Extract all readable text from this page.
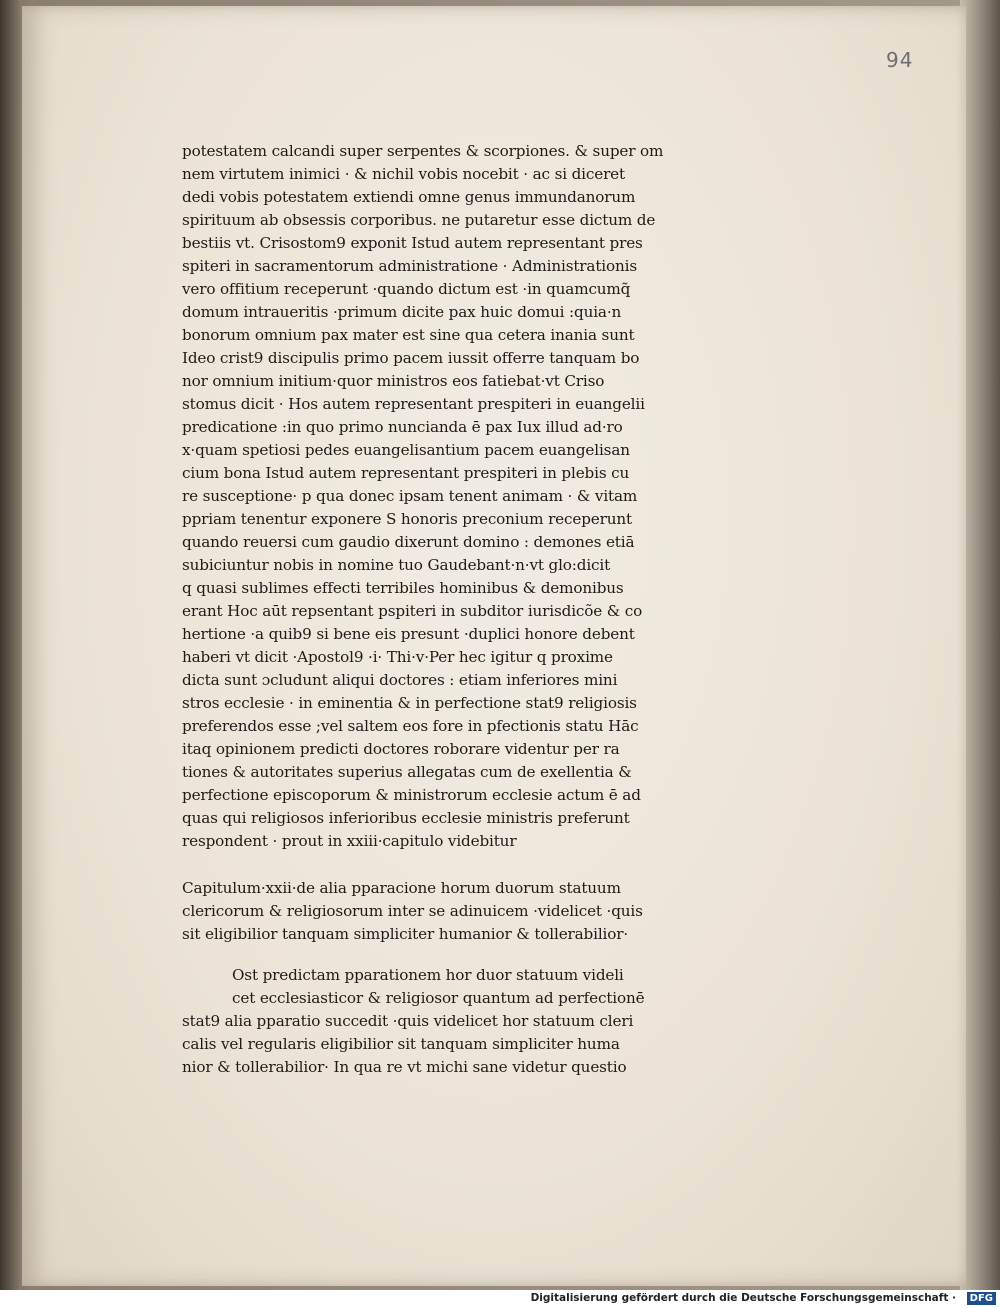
94
potestatem calcandi super serpentes & scorpiones. & super om
nem virtutem inimici · & nichil vobis nocebit · ac si diceret
dedi vobis potestatem extiendi omne genus immundanorum
spirituum ab obsessis corporibus. ne putaretur esse dictum de
bestiis vt. Crisostom9 exponit Istud autem representant pres
spiteri in sacramentorum administratione · Administrationis
vero offitium receperunt ·quando dictum est ·in quamcumq̃
domum intraueritis ·primum dicite pax huic domui :quia·n
bonorum omnium pax mater est sine qua cetera inania sunt
Ideo crist9 discipulis primo pacem iussit offerre tanquam bo
nor omnium initium·quor ministros eos fatiebat·vt Criso
stomus dicit · Hos autem representant prespiteri in euangelii
predicatione :in quo primo nuncianda ē pax Iux illud ad·ro
x·quam spetiosi pedes euangelisantium pacem euangelisan
cium bona Istud autem representant prespiteri in plebis cu
re susceptione· p qua donec ipsam tenent animam · & vitam
ppriam tenentur exponere S honoris preconium receperunt
quando reuersi cum gaudio dixerunt domino : demones etiā
subiciuntur nobis in nomine tuo Gaudebant·n·vt glo:dicit
q quasi sublimes effecti terribiles hominibus & demonibus
erant Hoc aūt repsentant pspiteri in subditor iurisdicõe & co
hertione ·a quib9 si bene eis presunt ·duplici honore debent
haberi vt dicit ·Apostol9 ·i· Thi·v·Per hec igitur q proxime
dicta sunt ɔcludunt aliqui doctores : etiam inferiores mini
stros ecclesie · in eminentia & in perfectione stat9 religiosis
preferendos esse ;vel saltem eos fore in pfectionis statu Hāc
itaq opinionem predicti doctores roborare videntur per ra
tiones & autoritates superius allegatas cum de exellentia &
perfectione episcoporum & ministrorum ecclesie actum ē ad
quas qui religiosos inferioribus ecclesie ministris preferunt
respondent · prout in xxiii·capitulo videbitur
Capitulum·xxii·de alia pparacione horum duorum statuum
clericorum & religiosorum inter se adinuicem ·videlicet ·quis
sit eligibilior tanquam simpliciter humanior & tollerabilior·
Ost predictam pparationem hor duor statuum videli
cet ecclesiasticor & religiosor quantum ad perfectionē
stat9 alia pparatio succedit ·quis videlicet hor statuum cleri
calis vel regularis eligibilior sit tanquam simpliciter huma
nior & tollerabilior· In qua re vt michi sane videtur questio
Digitalisierung gefördert durch die Deutsche Forschungsgemeinschaft ·	DFG
